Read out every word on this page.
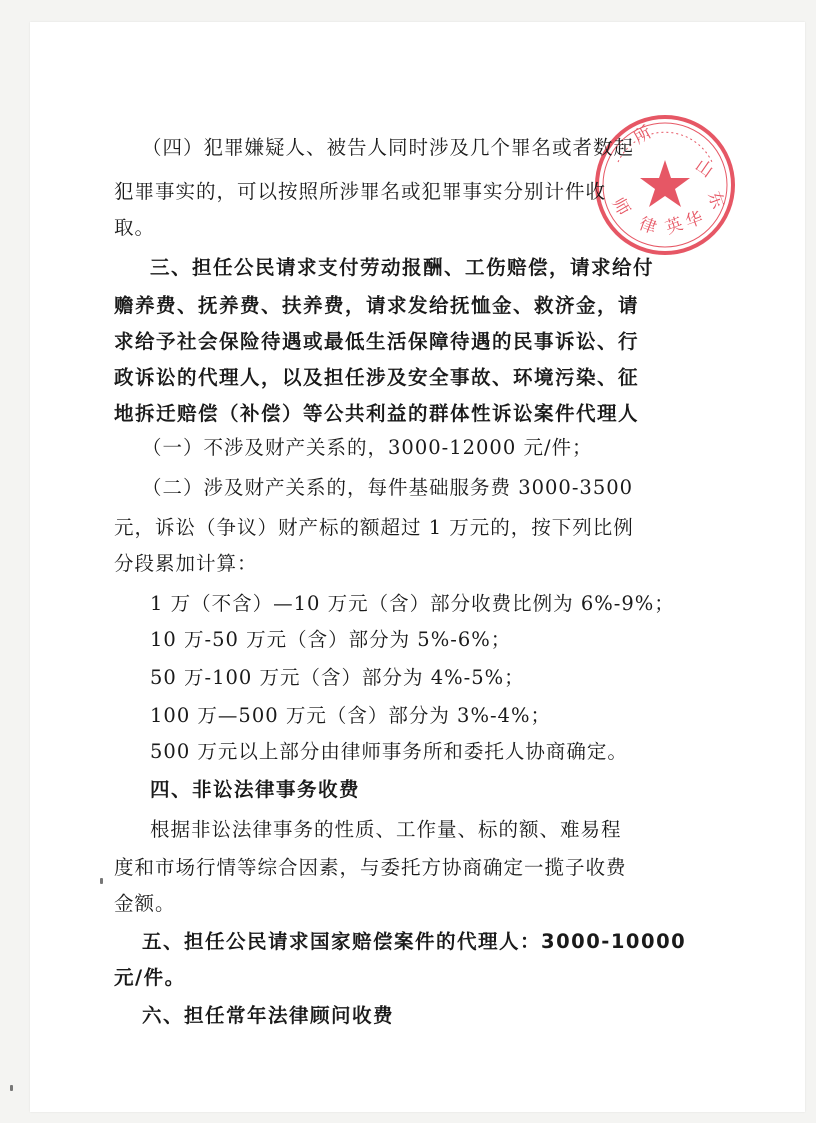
山
东
英
华
律
师
所
（四）犯罪嫌疑人、被告人同时涉及几个罪名或者数起
犯罪事实的，可以按照所涉罪名或犯罪事实分别计件收
取。
三、担任公民请求支付劳动报酬、工伤赔偿，请求给付
赡养费、抚养费、扶养费，请求发给抚恤金、救济金，请
求给予社会保险待遇或最低生活保障待遇的民事诉讼、行
政诉讼的代理人，以及担任涉及安全事故、环境污染、征
地拆迁赔偿（补偿）等公共利益的群体性诉讼案件代理人
（一）不涉及财产关系的，3000-12000 元/件；
（二）涉及财产关系的，每件基础服务费 3000-3500
元，诉讼（争议）财产标的额超过 1 万元的，按下列比例
分段累加计算：
1 万（不含）—10 万元（含）部分收费比例为 6%-9%；
10 万-50 万元（含）部分为 5%-6%；
50 万-100 万元（含）部分为 4%-5%；
100 万—500 万元（含）部分为 3%-4%；
500 万元以上部分由律师事务所和委托人协商确定。
四、非讼法律事务收费
根据非讼法律事务的性质、工作量、标的额、难易程
度和市场行情等综合因素，与委托方协商确定一揽子收费
金额。
五、担任公民请求国家赔偿案件的代理人：3000-10000
元/件。
六、担任常年法律顾问收费
